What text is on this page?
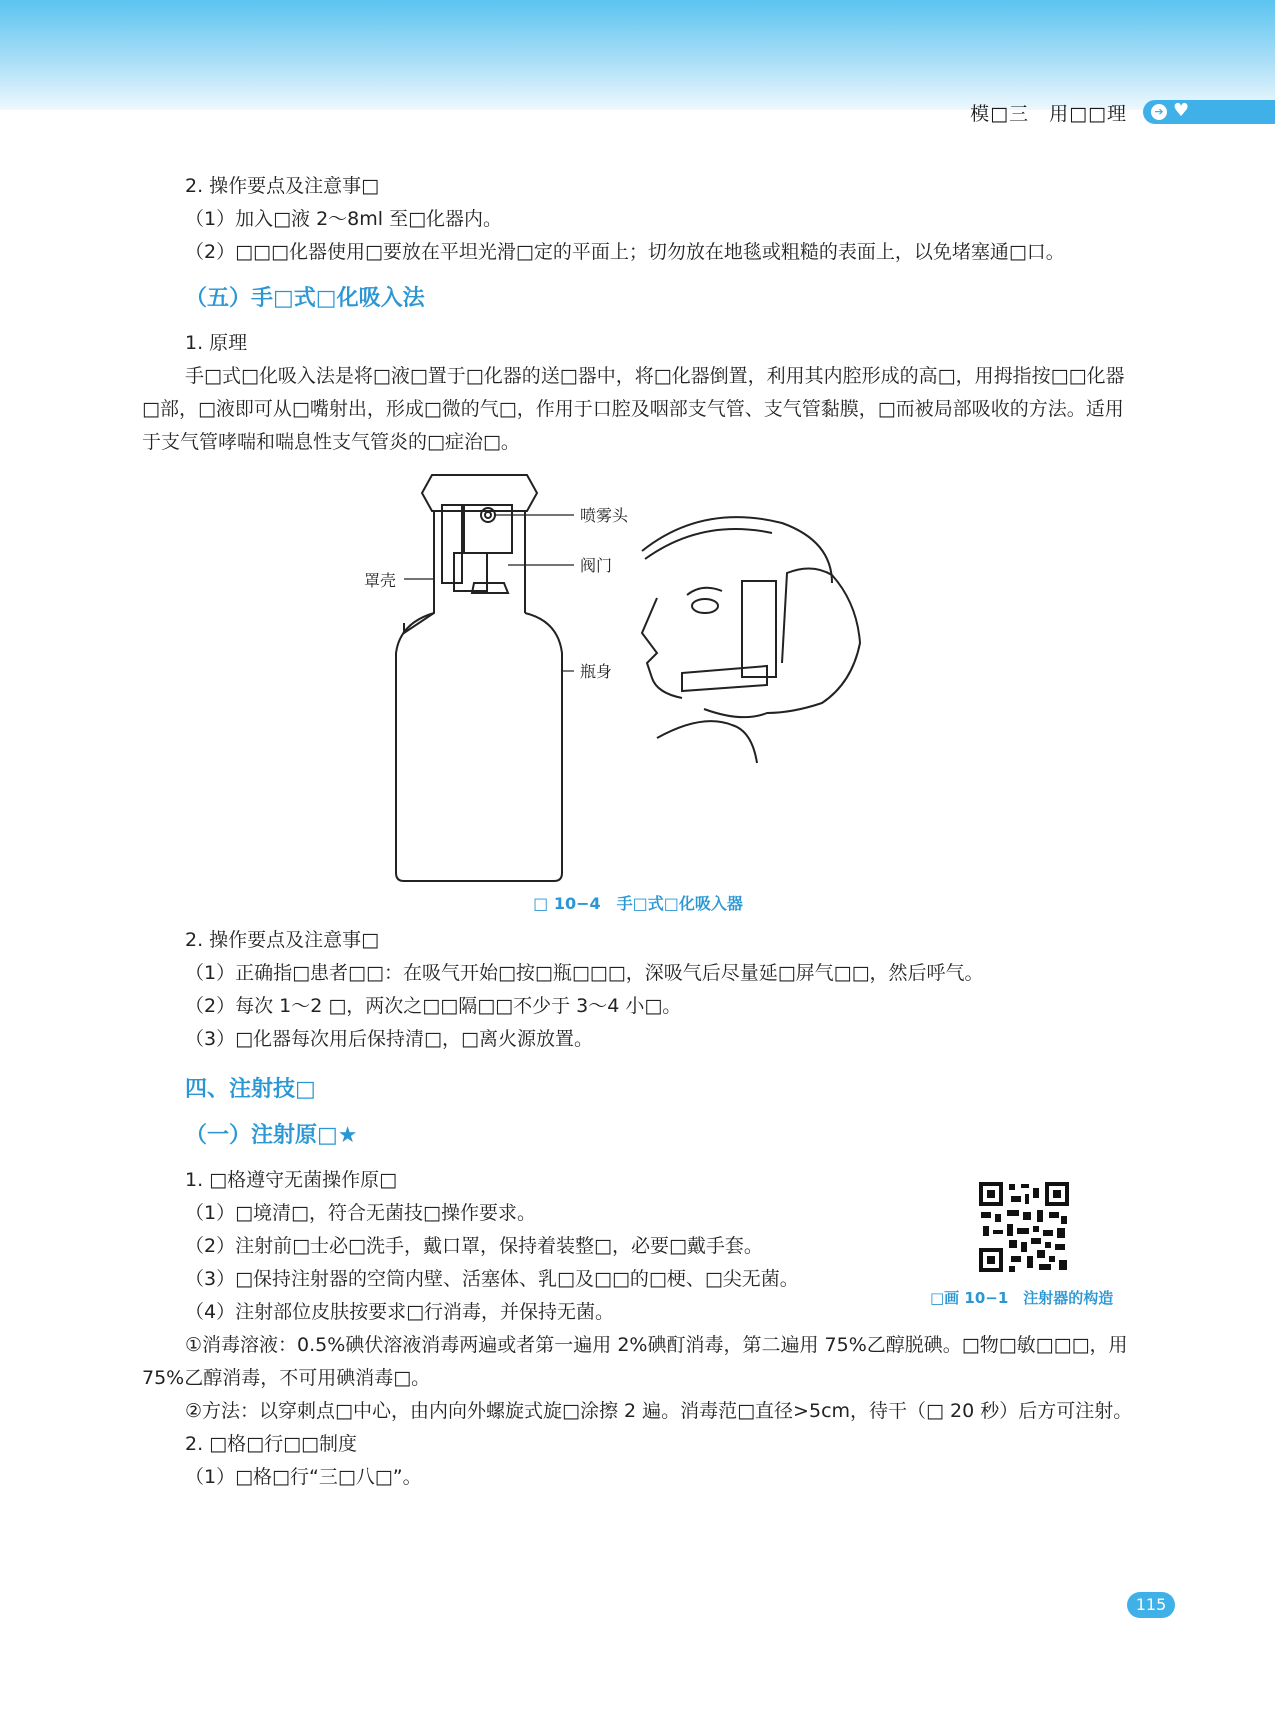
模□三　用□□理	➔ ♥

2. 操作要点及注意事□

（1）加入□液 2～8ml 至□化器内。

（2）□□□化器使用□要放在平坦光滑□定的平面上；切勿放在地毯或粗糙的表面上，以免堵塞通□口。

（五）手□式□化吸入法

1. 原理

手□式□化吸入法是将□液□置于□化器的送□器中，将□化器倒置，利用其内腔形成的高□，用拇指按□□化器□部，□液即可从□嘴射出，形成□微的气□，作用于口腔及咽部支气管、支气管黏膜，□而被局部吸收的方法。适用于支气管哮喘和喘息性支气管炎的□症治□。

喷雾头
阀门
罩壳
瓶身
□ 10−4　手□式□化吸入器

2. 操作要点及注意事□

（1）正确指□患者□□：在吸气开始□按□瓶□□□，深吸气后尽量延□屏气□□，然后呼气。

（2）每次 1～2 □，两次之□□隔□□不少于 3～4 小□。

（3）□化器每次用后保持清□，□离火源放置。

四、注射技□
（一）注射原□★

1. □格遵守无菌操作原□

（1）□境清□，符合无菌技□操作要求。

（2）注射前□士必□洗手，戴口罩，保持着装整□，必要□戴手套。

（3）□保持注射器的空筒内壁、活塞体、乳□及□□的□梗、□尖无菌。

（4）注射部位皮肤按要求□行消毒，并保持无菌。

①消毒溶液：0.5%碘伏溶液消毒两遍或者第一遍用 2%碘酊消毒，第二遍用 75%乙醇脱碘。□物□敏□□□，用 75%乙醇消毒，不可用碘消毒□。

②方法：以穿刺点□中心，由内向外螺旋式旋□涂擦 2 遍。消毒范□直径>5cm，待干（□ 20 秒）后方可注射。

2. □格□行□□制度

（1）□格□行“三□八□”。

□画 10−1　注射器的构造
115
